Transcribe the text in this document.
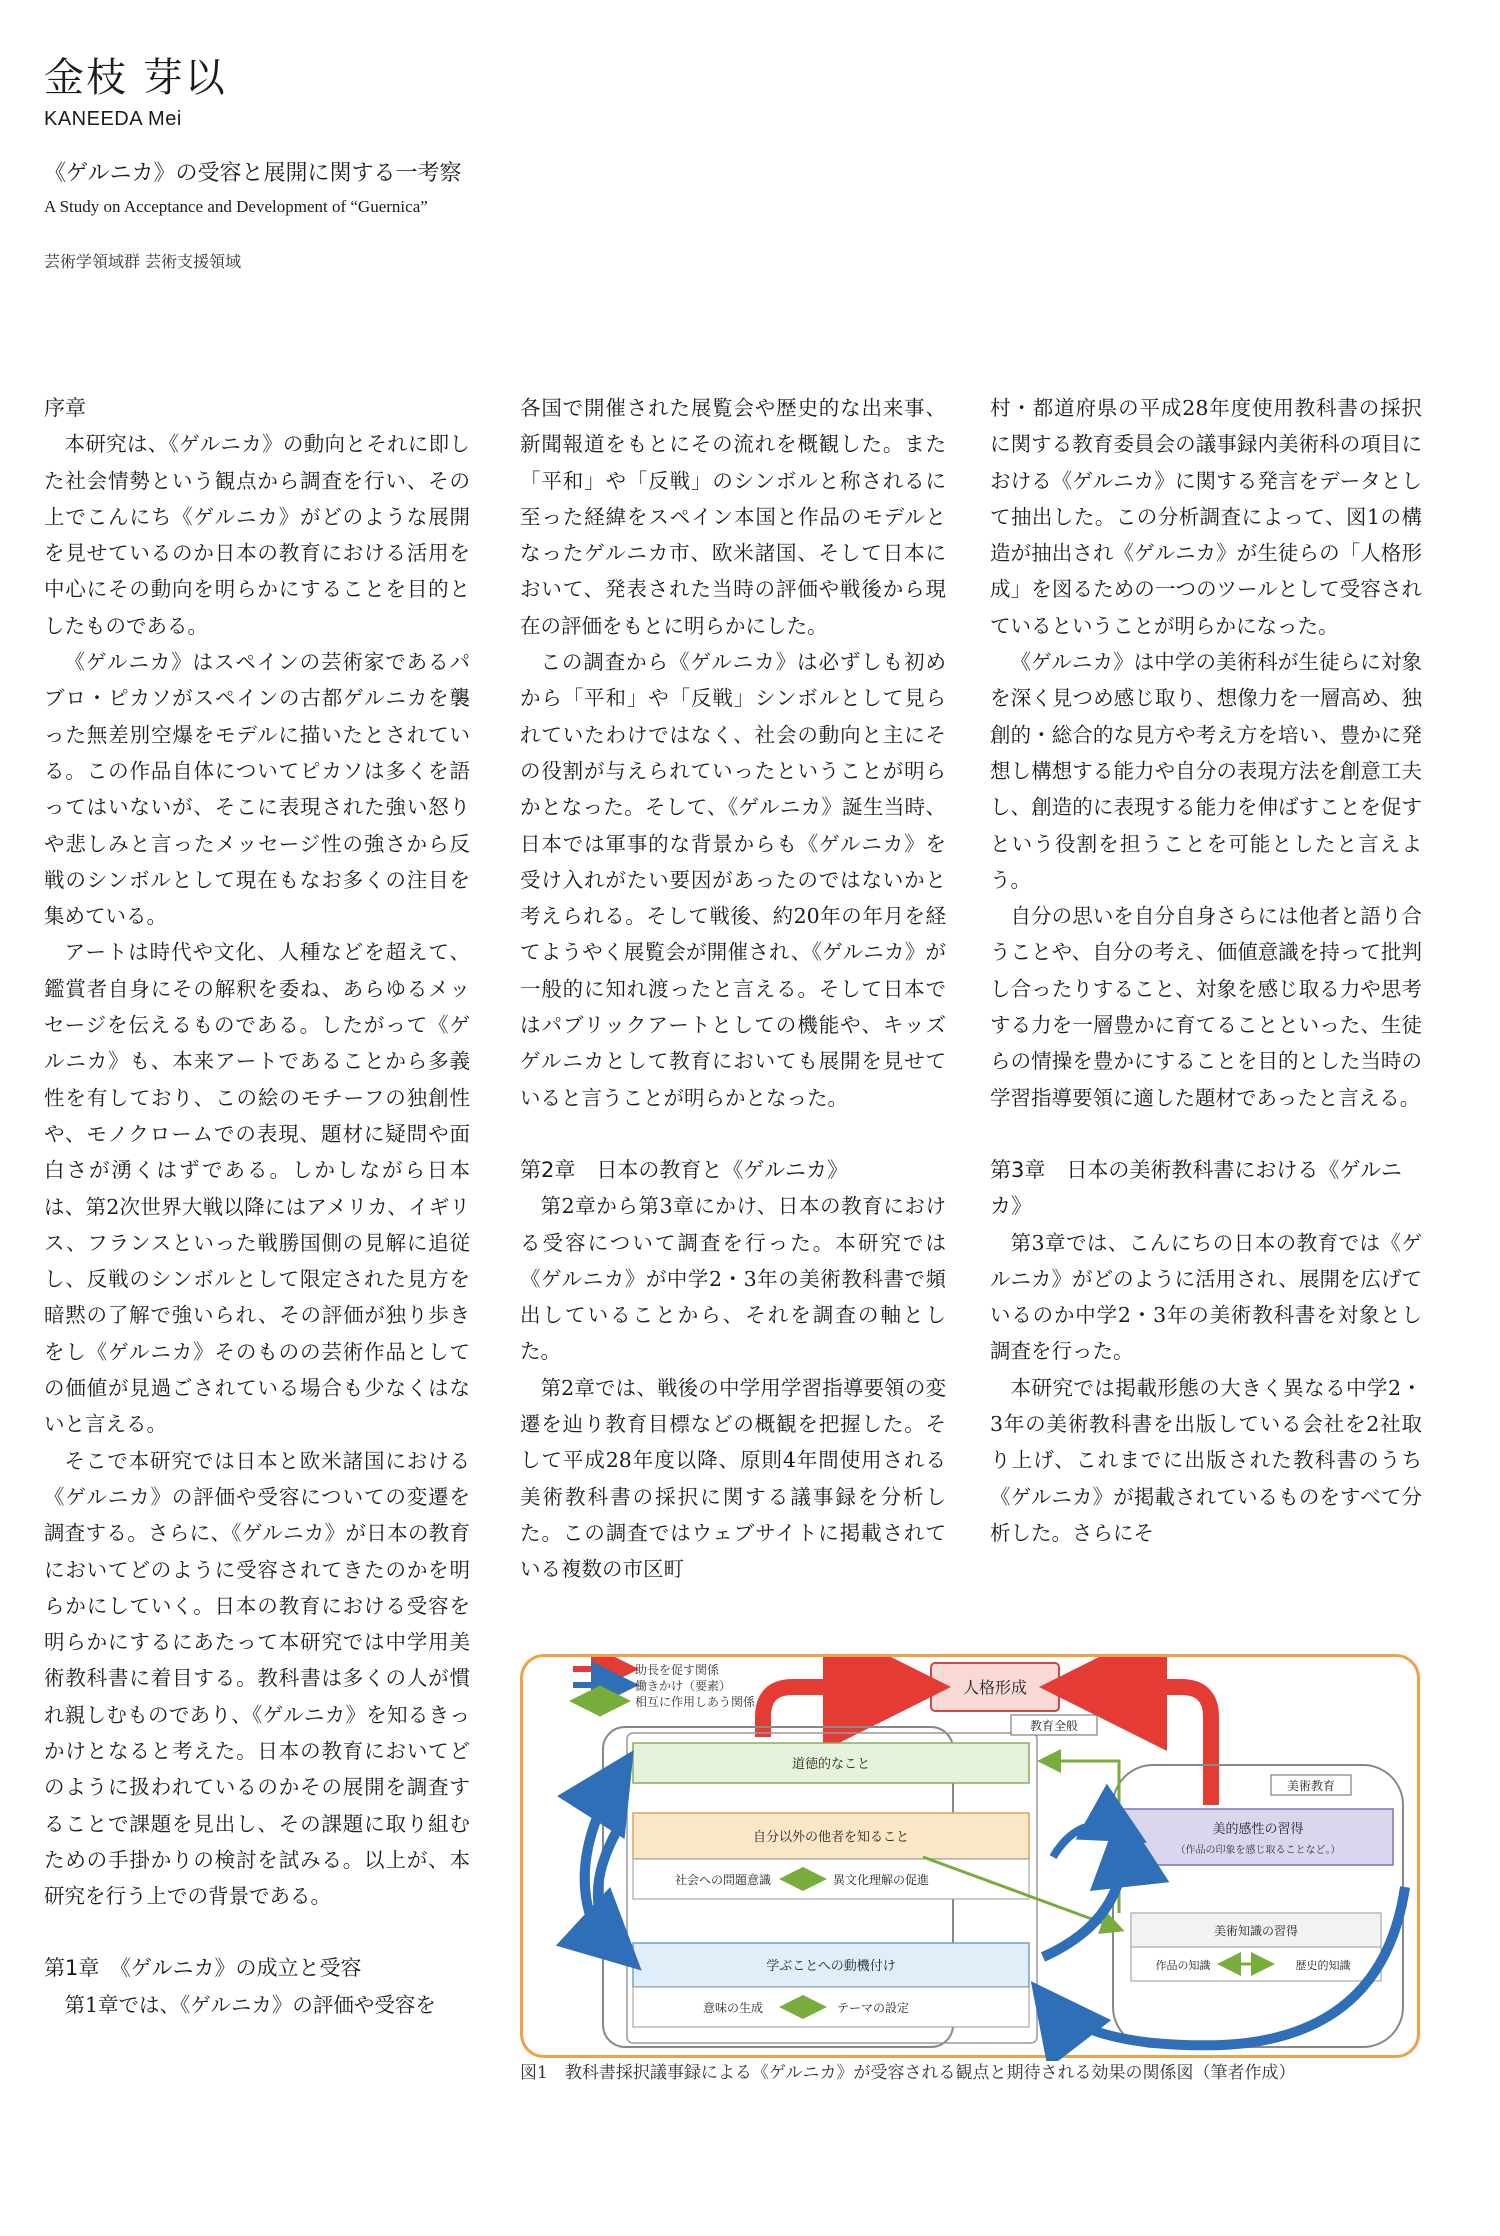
金枝 芽以
KANEEDA Mei
《ゲルニカ》の受容と展開に関する一考察
A Study on Acceptance and Development of “Guernica”
芸術学領域群 芸術支援領域
序章

本研究は、《ゲルニカ》の動向とそれに即した社会情勢という観点から調査を行い、その上でこんにち《ゲルニカ》がどのような展開を見せているのか日本の教育における活用を中心にその動向を明らかにすることを目的としたものである。

《ゲルニカ》はスペインの芸術家であるパブロ・ピカソがスペインの古都ゲルニカを襲った無差別空爆をモデルに描いたとされている。この作品自体についてピカソは多くを語ってはいないが、そこに表現された強い怒りや悲しみと言ったメッセージ性の強さから反戦のシンボルとして現在もなお多くの注目を集めている。

アートは時代や文化、人種などを超えて、鑑賞者自身にその解釈を委ね、あらゆるメッセージを伝えるものである。したがって《ゲルニカ》も、本来アートであることから多義性を有しており、この絵のモチーフの独創性や、モノクロームでの表現、題材に疑問や面白さが湧くはずである。しかしながら日本は、第2次世界大戦以降にはアメリカ、イギリス、フランスといった戦勝国側の見解に追従し、反戦のシンボルとして限定された見方を暗黙の了解で強いられ、その評価が独り歩きをし《ゲルニカ》そのものの芸術作品としての価値が見過ごされている場合も少なくはないと言える。

そこで本研究では日本と欧米諸国における《ゲルニカ》の評価や受容についての変遷を調査する。さらに、《ゲルニカ》が日本の教育においてどのように受容されてきたのかを明らかにしていく。日本の教育における受容を明らかにするにあたって本研究では中学用美術教科書に着目する。教科書は多くの人が慣れ親しむものであり、《ゲルニカ》を知るきっかけとなると考えた。日本の教育においてどのように扱われているのかその展開を調査することで課題を見出し、その課題に取り組むための手掛かりの検討を試みる。以上が、本研究を行う上での背景である。

第1章　《ゲルニカ》の成立と受容

第1章では、《ゲルニカ》の評価や受容を

各国で開催された展覧会や歴史的な出来事、新聞報道をもとにその流れを概観した。また「平和」や「反戦」のシンボルと称されるに至った経緯をスペイン本国と作品のモデルとなったゲルニカ市、欧米諸国、そして日本において、発表された当時の評価や戦後から現在の評価をもとに明らかにした。

この調査から《ゲルニカ》は必ずしも初めから「平和」や「反戦」シンボルとして見られていたわけではなく、社会の動向と主にその役割が与えられていったということが明らかとなった。そして、《ゲルニカ》誕生当時、日本では軍事的な背景からも《ゲルニカ》を受け入れがたい要因があったのではないかと考えられる。そして戦後、約20年の年月を経てようやく展覧会が開催され、《ゲルニカ》が一般的に知れ渡ったと言える。そして日本ではパブリックアートとしての機能や、キッズゲルニカとして教育においても展開を見せていると言うことが明らかとなった。

第2章　日本の教育と《ゲルニカ》

第2章から第3章にかけ、日本の教育における受容について調査を行った。本研究では《ゲルニカ》が中学2・3年の美術教科書で頻出していることから、それを調査の軸とした。

第2章では、戦後の中学用学習指導要領の変遷を辿り教育目標などの概観を把握した。そして平成28年度以降、原則4年間使用される美術教科書の採択に関する議事録を分析した。この調査ではウェブサイトに掲載されている複数の市区町

村・都道府県の平成28年度使用教科書の採択に関する教育委員会の議事録内美術科の項目における《ゲルニカ》に関する発言をデータとして抽出した。この分析調査によって、図1の構造が抽出され《ゲルニカ》が生徒らの「人格形成」を図るための一つのツールとして受容されているということが明らかになった。

《ゲルニカ》は中学の美術科が生徒らに対象を深く見つめ感じ取り、想像力を一層高め、独創的・総合的な見方や考え方を培い、豊かに発想し構想する能力や自分の表現方法を創意工夫し、創造的に表現する能力を伸ばすことを促すという役割を担うことを可能としたと言えよう。

自分の思いを自分自身さらには他者と語り合うことや、自分の考え、価値意識を持って批判し合ったりすること、対象を感じ取る力や思考する力を一層豊かに育てることといった、生徒らの情操を豊かにすることを目的とした当時の学習指導要領に適した題材であったと言える。

第3章　日本の美術教科書における《ゲルニカ》

第3章では、こんにちの日本の教育では《ゲルニカ》がどのように活用され、展開を広げているのか中学2・3年の美術教科書を対象とし調査を行った。

本研究では掲載形態の大きく異なる中学2・3年の美術教科書を出版している会社を2社取り上げ、これまでに出版された教科書のうち《ゲルニカ》が掲載されているものをすべて分析した。さらにそ

助長を促す関係
働きかけ（要素）
相互に作用しあう関係
人格形成
教育全般
道徳的なこと
自分以外の他者を知ること
社会への問題意識	異文化理解の促進
学ぶことへの動機付け
意味の生成	テーマの設定
美術教育
美的感性の習得
（作品の印象を感じ取ることなど。）
美術知識の習得
作品の知識	歴史的知識
図1　教科書採択議事録による《ゲルニカ》が受容される観点と期待される効果の関係図（筆者作成）
